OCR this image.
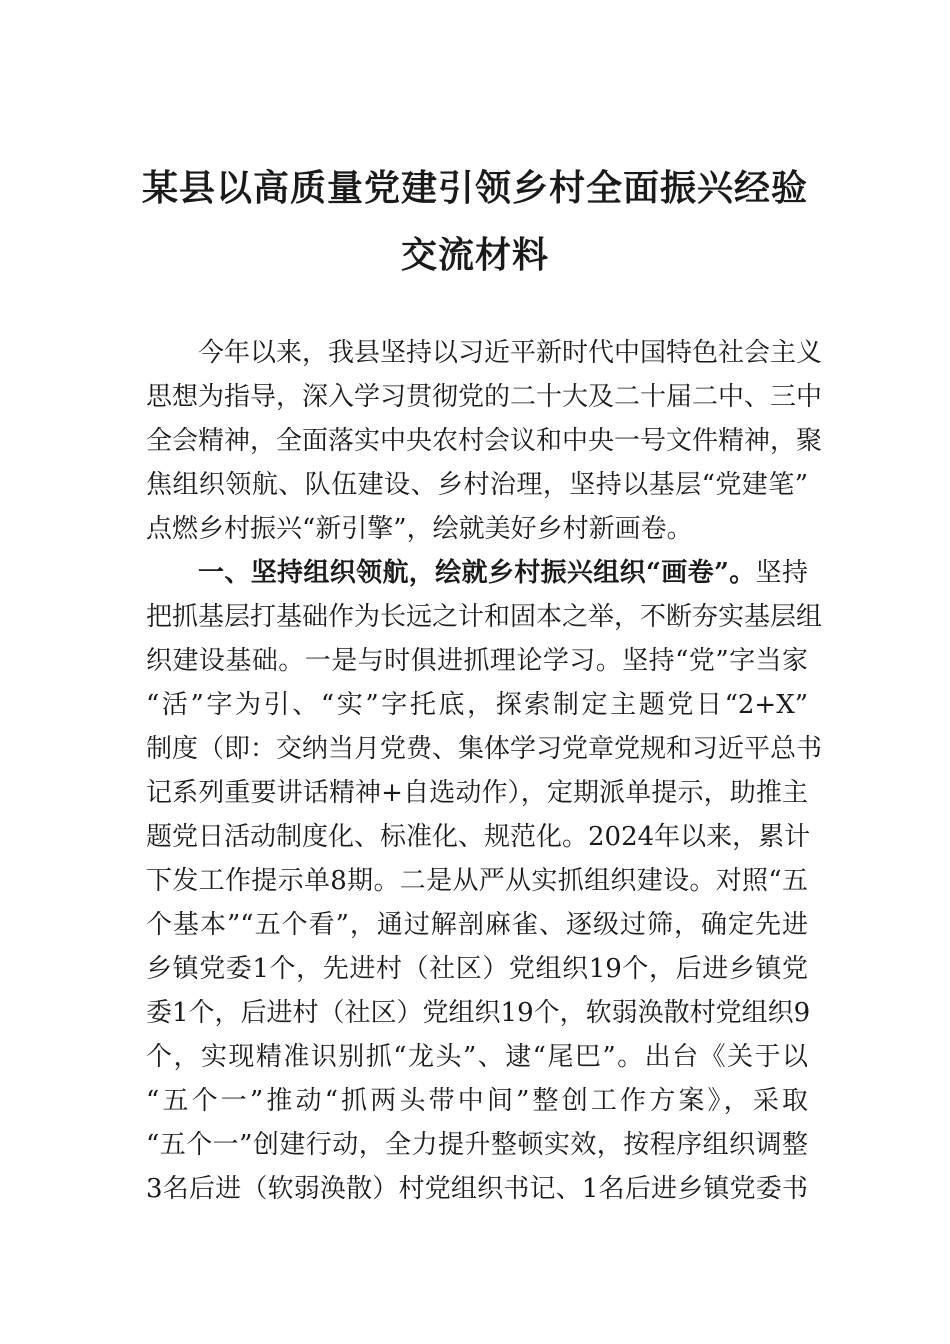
某县以高质量党建引领乡村全面振兴经验
交流材料
今年以来，我县坚持以习近平新时代中国特色社会主义
思想为指导，深入学习贯彻党的二十大及二十届二中、三中
全会精神，全面落实中央农村会议和中央一号文件精神，聚
焦组织领航、队伍建设、乡村治理，坚持以基层“党建笔”
点燃乡村振兴“新引擎”，绘就美好乡村新画卷。
一、坚持组织领航，绘就乡村振兴组织“画卷”。坚持
把抓基层打基础作为长远之计和固本之举，不断夯实基层组
织建设基础。一是与时俱进抓理论学习。坚持“党”字当家
“活”字为引、“实”字托底，探索制定主题党日“2+X”
制度（即：交纳当月党费、集体学习党章党规和习近平总书
记系列重要讲话精神+自选动作），定期派单提示，助推主
题党日活动制度化、标准化、规范化。2024年以来，累计
下发工作提示单8期。二是从严从实抓组织建设。对照“五
个基本”“五个看”，通过解剖麻雀、逐级过筛，确定先进
乡镇党委1个，先进村（社区）党组织19个，后进乡镇党
委1个，后进村（社区）党组织19个，软弱涣散村党组织9
个，实现精准识别抓“龙头”、逮“尾巴”。出台《关于以
“五个一”推动“抓两头带中间”整创工作方案》，采取
“五个一”创建行动，全力提升整顿实效，按程序组织调整
3名后进（软弱涣散）村党组织书记、1名后进乡镇党委书
